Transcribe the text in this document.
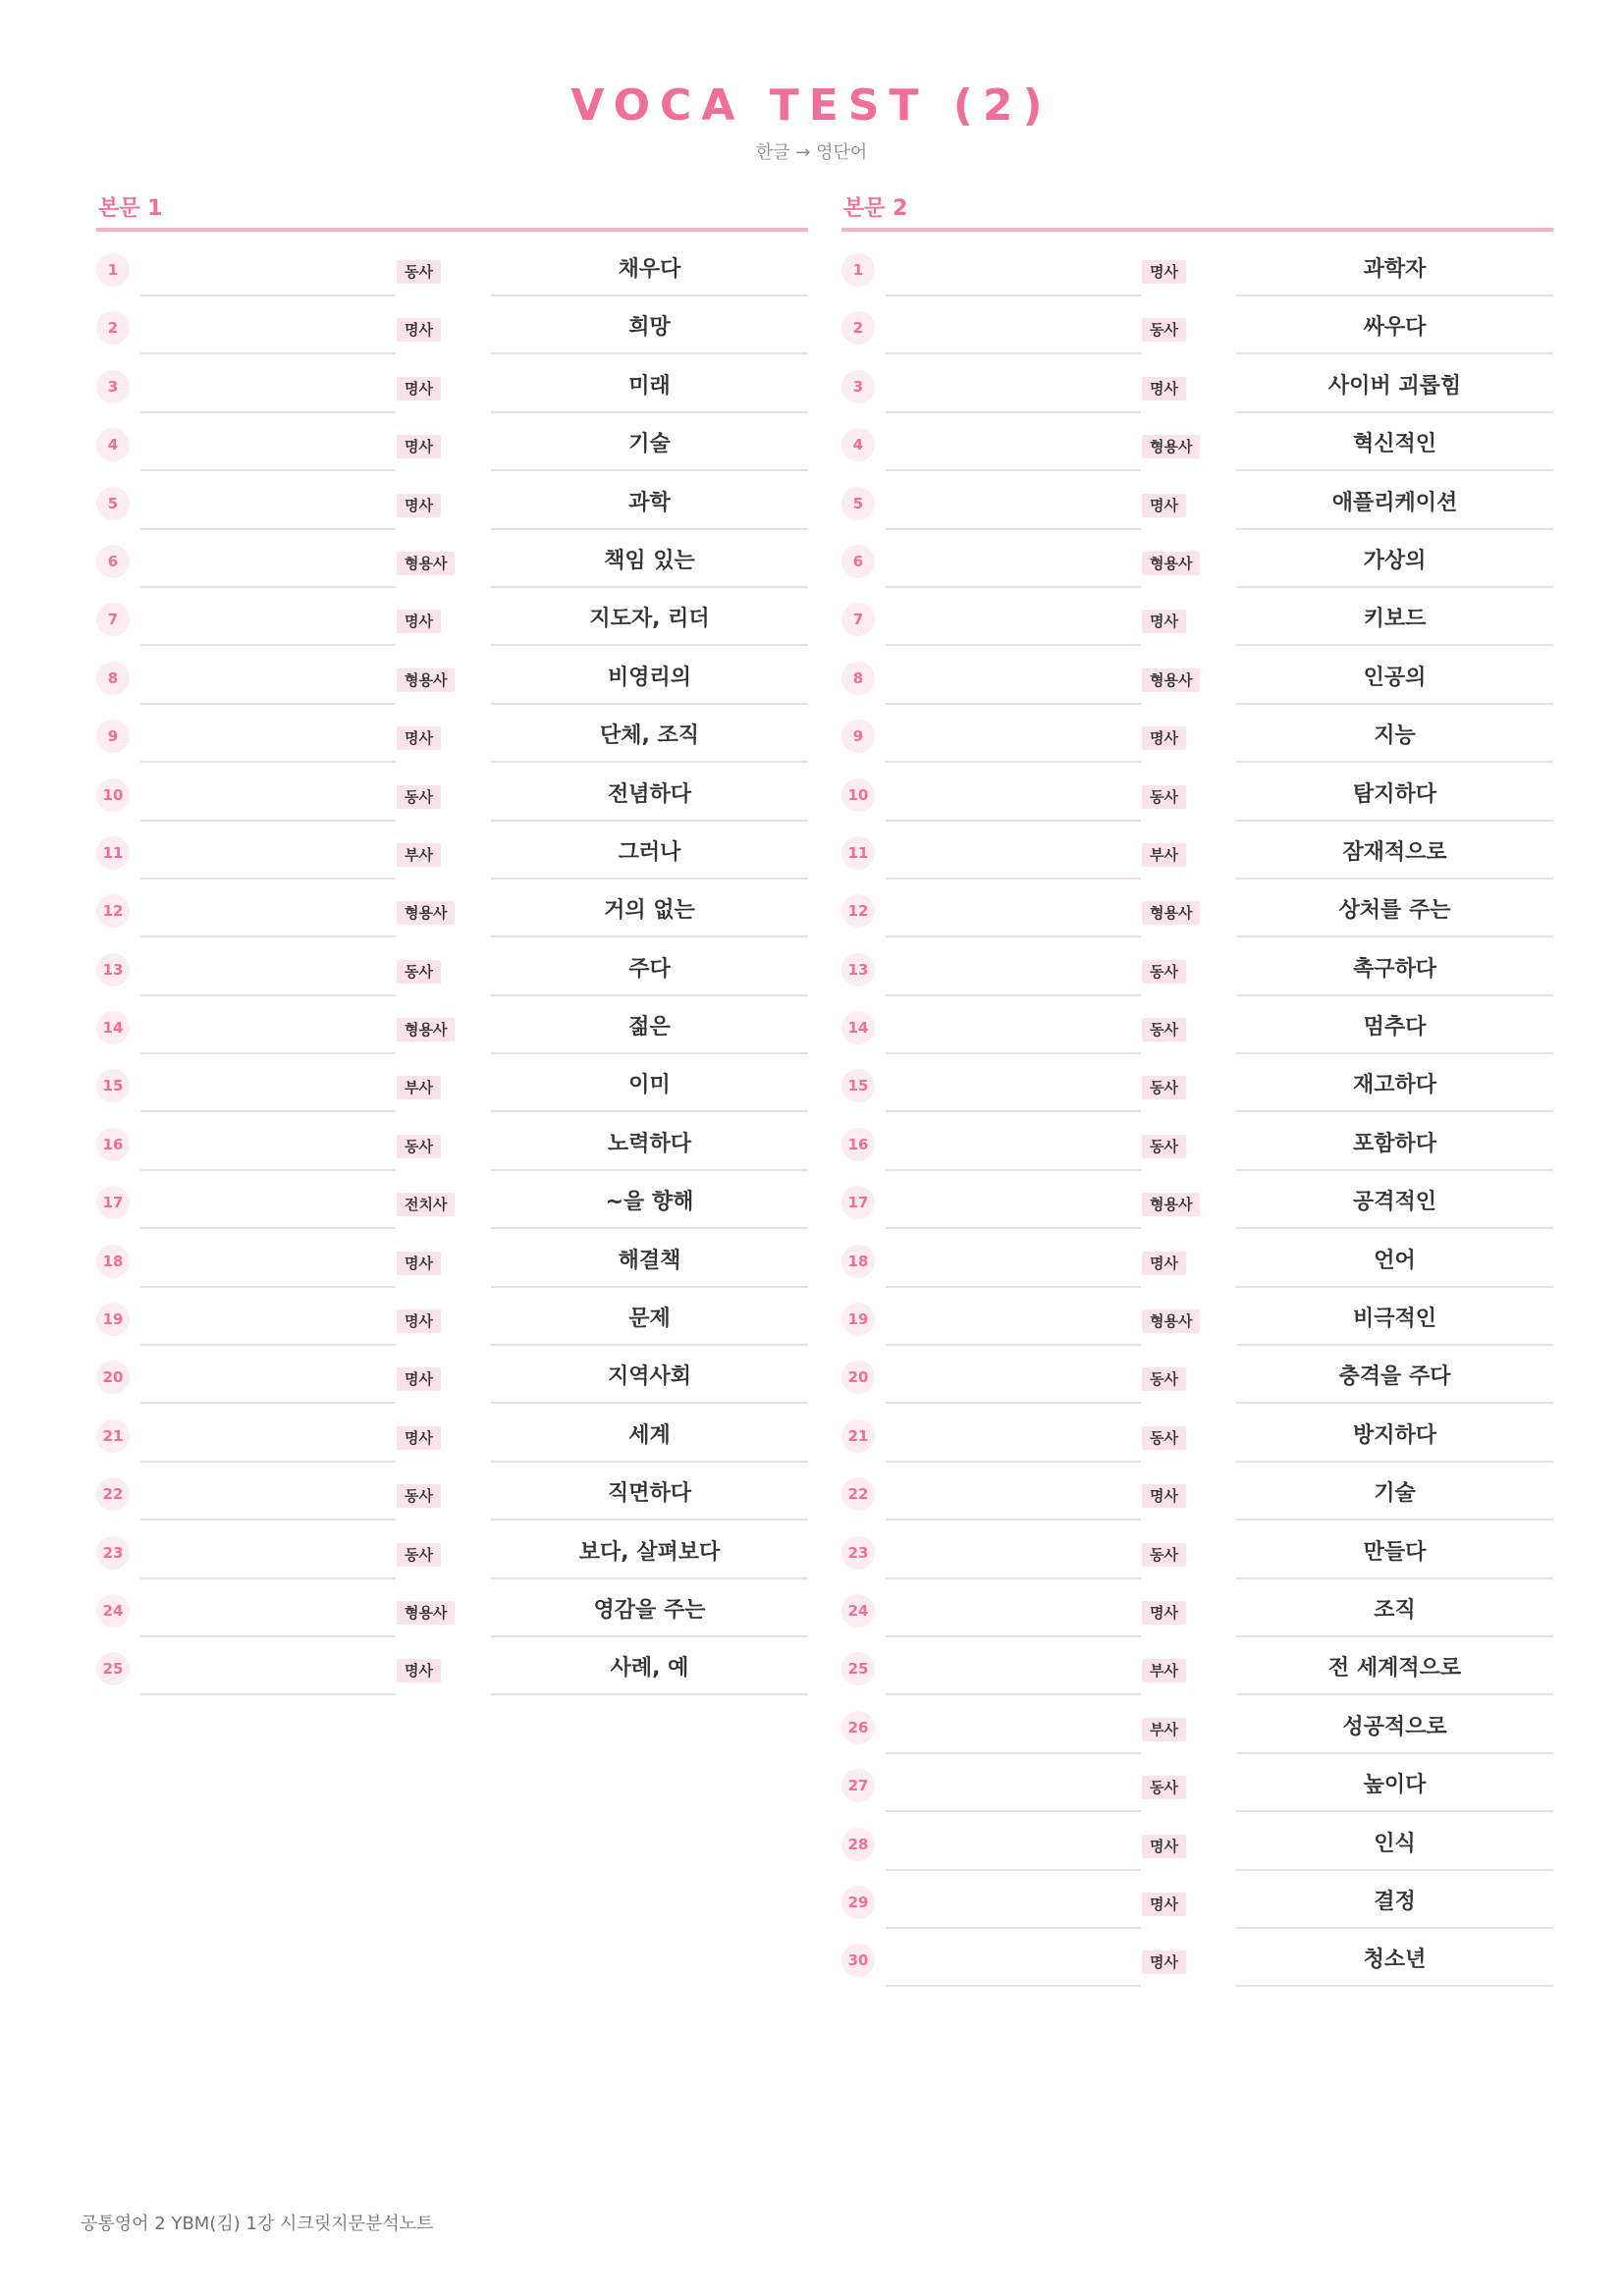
VOCA TEST (2)
한글 → 영단어
본문 1
1	동사	채우다
2	명사	희망
3	명사	미래
4	명사	기술
5	명사	과학
6	형용사	책임 있는
7	명사	지도자, 리더
8	형용사	비영리의
9	명사	단체, 조직
10	동사	전념하다
11	부사	그러나
12	형용사	거의 없는
13	동사	주다
14	형용사	젊은
15	부사	이미
16	동사	노력하다
17	전치사	~을 향해
18	명사	해결책
19	명사	문제
20	명사	지역사회
21	명사	세계
22	동사	직면하다
23	동사	보다, 살펴보다
24	형용사	영감을 주는
25	명사	사례, 예
본문 2
1	명사	과학자
2	동사	싸우다
3	명사	사이버 괴롭힘
4	형용사	혁신적인
5	명사	애플리케이션
6	형용사	가상의
7	명사	키보드
8	형용사	인공의
9	명사	지능
10	동사	탐지하다
11	부사	잠재적으로
12	형용사	상처를 주는
13	동사	촉구하다
14	동사	멈추다
15	동사	재고하다
16	동사	포함하다
17	형용사	공격적인
18	명사	언어
19	형용사	비극적인
20	동사	충격을 주다
21	동사	방지하다
22	명사	기술
23	동사	만들다
24	명사	조직
25	부사	전 세계적으로
26	부사	성공적으로
27	동사	높이다
28	명사	인식
29	명사	결정
30	명사	청소년
공통영어 2 YBM(김) 1강 시크릿지문분석노트
